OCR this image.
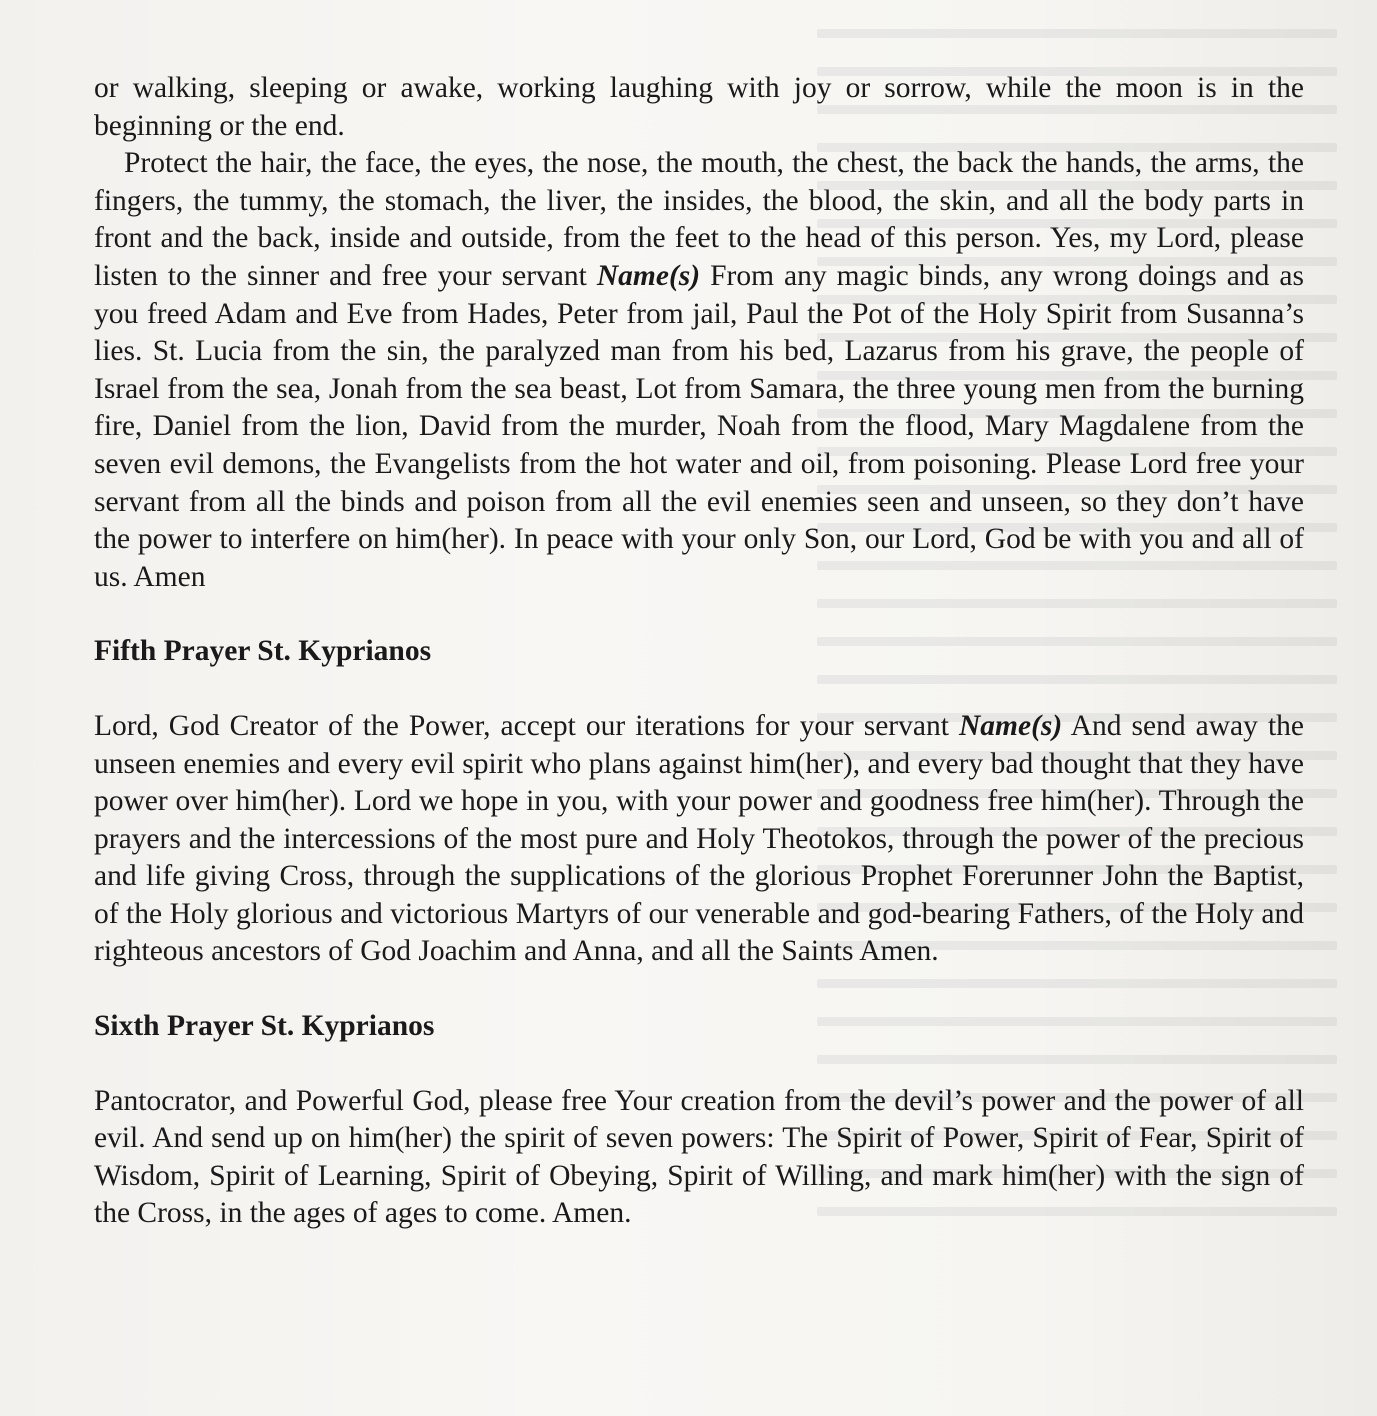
or walking, sleeping or awake, working laughing with joy or sorrow, while the moon is in the beginning or the end.

Protect the hair, the face, the eyes, the nose, the mouth, the chest, the back the hands, the arms, the fingers, the tummy, the stomach, the liver, the insides, the blood, the skin, and all the body parts in front and the back, inside and outside, from the feet to the head of this person. Yes, my Lord, please listen to the sinner and free your servant Name(s) From any magic binds, any wrong doings and as you freed Adam and Eve from Hades, Peter from jail, Paul the Pot of the Holy Spirit from Susanna’s lies. St. Lucia from the sin, the paralyzed man from his bed, Lazarus from his grave, the people of Israel from the sea, Jonah from the sea beast, Lot from Samara, the three young men from the burning fire, Daniel from the lion, David from the murder, Noah from the flood, Mary Magdalene from the seven evil demons, the Evangelists from the hot water and oil, from poisoning. Please Lord free your servant from all the binds and poison from all the evil enemies seen and unseen, so they don’t have the power to interfere on him(her). In peace with your only Son, our Lord, God be with you and all of us. Amen

Fifth Prayer St. Kyprianos

Lord, God Creator of the Power, accept our iterations for your servant Name(s) And send away the unseen enemies and every evil spirit who plans against him(her), and every bad thought that they have power over him(her). Lord we hope in you, with your power and goodness free him(her). Through the prayers and the intercessions of the most pure and Holy Theotokos, through the power of the precious and life giving Cross, through the supplications of the glorious Prophet Forerunner John the Baptist, of the Holy glorious and victorious Martyrs of our venerable and god-bearing Fathers, of the Holy and righteous ancestors of God Joachim and Anna, and all the Saints Amen.

Sixth Prayer St. Kyprianos

Pantocrator, and Powerful God, please free Your creation from the devil’s power and the power of all evil. And send up on him(her) the spirit of seven powers: The Spirit of Power, Spirit of Fear, Spirit of Wisdom, Spirit of Learning, Spirit of Obeying, Spirit of Willing, and mark him(her) with the sign of the Cross, in the ages of ages to come. Amen.
